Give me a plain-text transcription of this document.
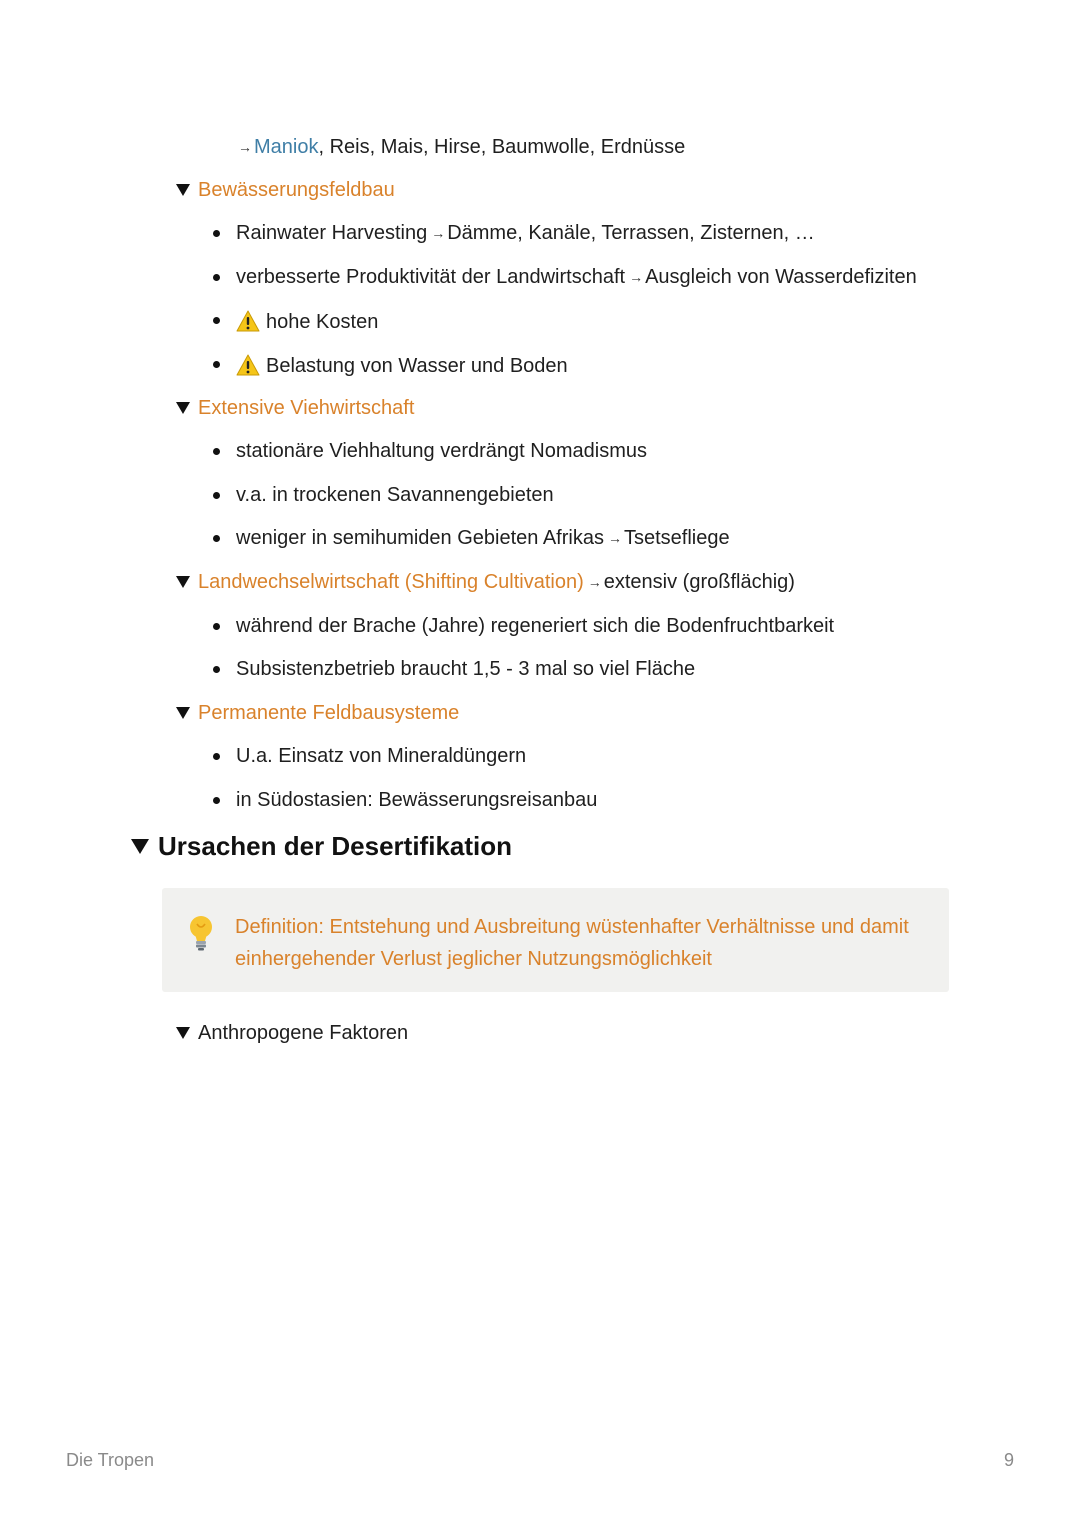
→ Maniok, Reis, Mais, Hirse, Baumwolle, Erdnüsse
Bewässerungsfeldbau
Rainwater Harvesting → Dämme, Kanäle, Terrassen, Zisternen, …
verbesserte Produktivität der Landwirtschaft → Ausgleich von Wasserdefiziten
hohe Kosten
Belastung von Wasser und Boden
Extensive Viehwirtschaft
stationäre Viehhaltung verdrängt Nomadismus
v.a. in trockenen Savannengebieten
weniger in semihumiden Gebieten Afrikas → Tsetsefliege
Landwechselwirtschaft (Shifting Cultivation) → extensiv (großflächig)
während der Brache (Jahre) regeneriert sich die Bodenfruchtbarkeit
Subsistenzbetrieb braucht 1,5 - 3 mal so viel Fläche
Permanente Feldbausysteme
U.a. Einsatz von Mineraldüngern
in Südostasien: Bewässerungsreisanbau
Ursachen der Desertifikation
Definition: Entstehung und Ausbreitung wüstenhafter Verhältnisse und damit einhergehender Verlust jeglicher Nutzungsmöglichkeit
Anthropogene Faktoren
Die Tropen	9
